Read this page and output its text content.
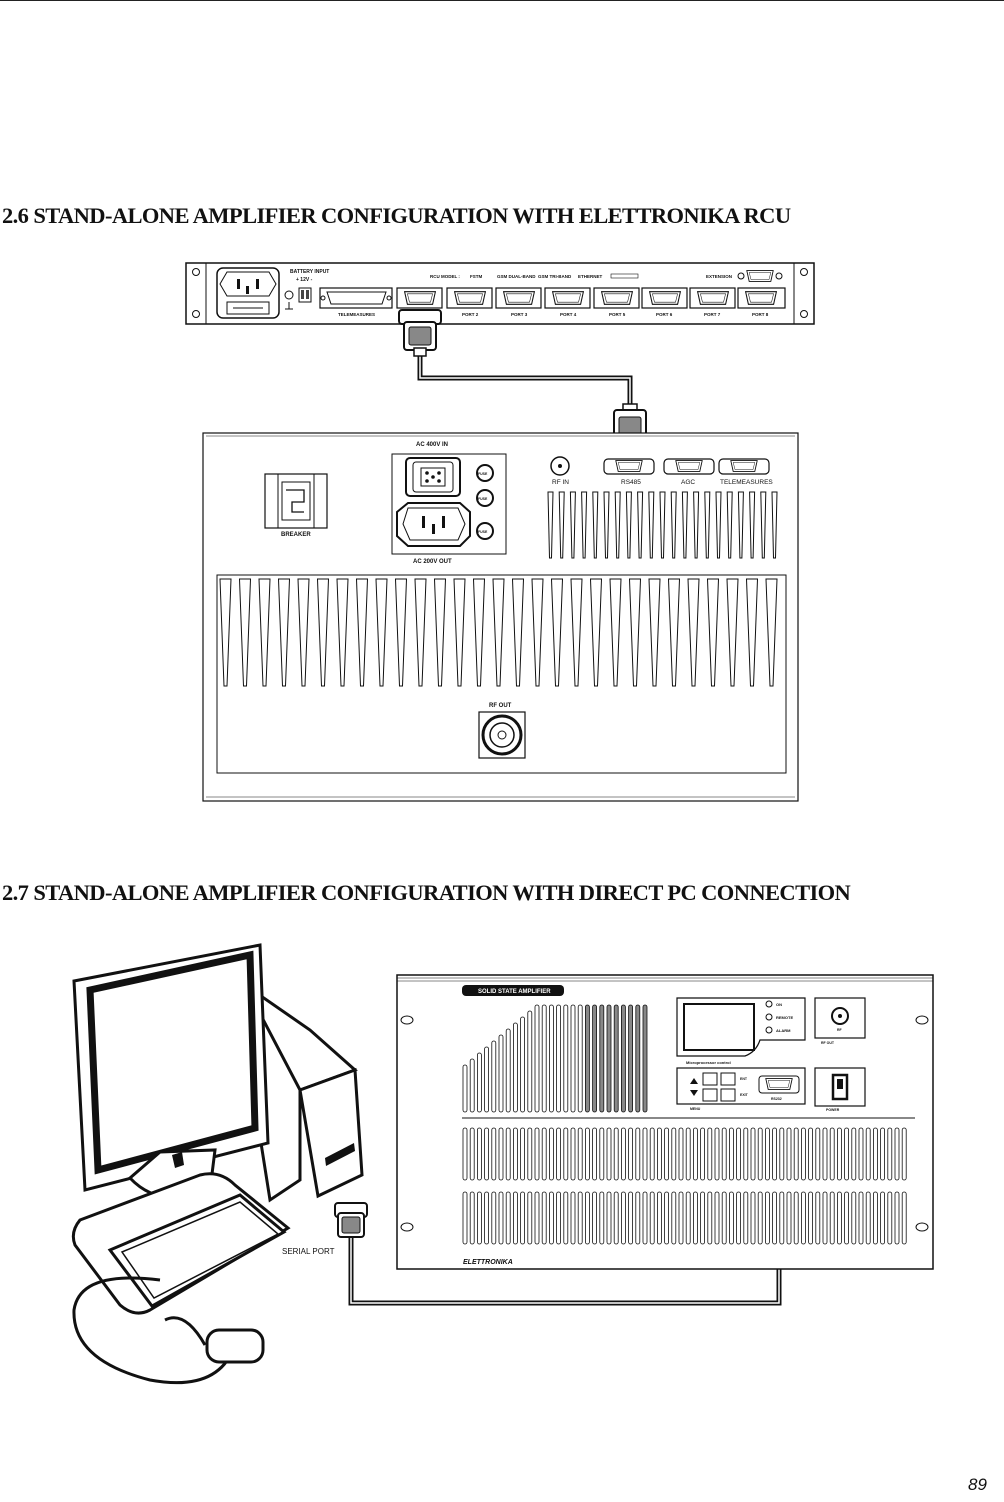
2.6 STAND-ALONE AMPLIFIER CONFIGURATION WITH ELETTRONIKA RCU
2.7 STAND-ALONE AMPLIFIER CONFIGURATION WITH DIRECT PC CONNECTION
BATTERY INPUT
+ 12V -
TELEMEASURES	PORT 2	PORT 3	PORT 4	PORT 5	PORT 6	PORT 7	PORT 8
RCU MODEL : FSTM	GSM DUAL-BAND GSM TRI-BAND ETHERNET	EXTENSION
BREAKER
AC 400V IN
AC 200V OUT
FUSE
FUSE
FUSE
RF IN	RS485	AGC	TELEMEASURES
RF OUT
SERIAL PORT
SOLID STATE AMPLIFIER
ON
REMOTE
ALARM
Microprocessor control
RF
RF OUT
ENT
EXIT
MENU
RS232
POWER
ELETTRONIKA
89
